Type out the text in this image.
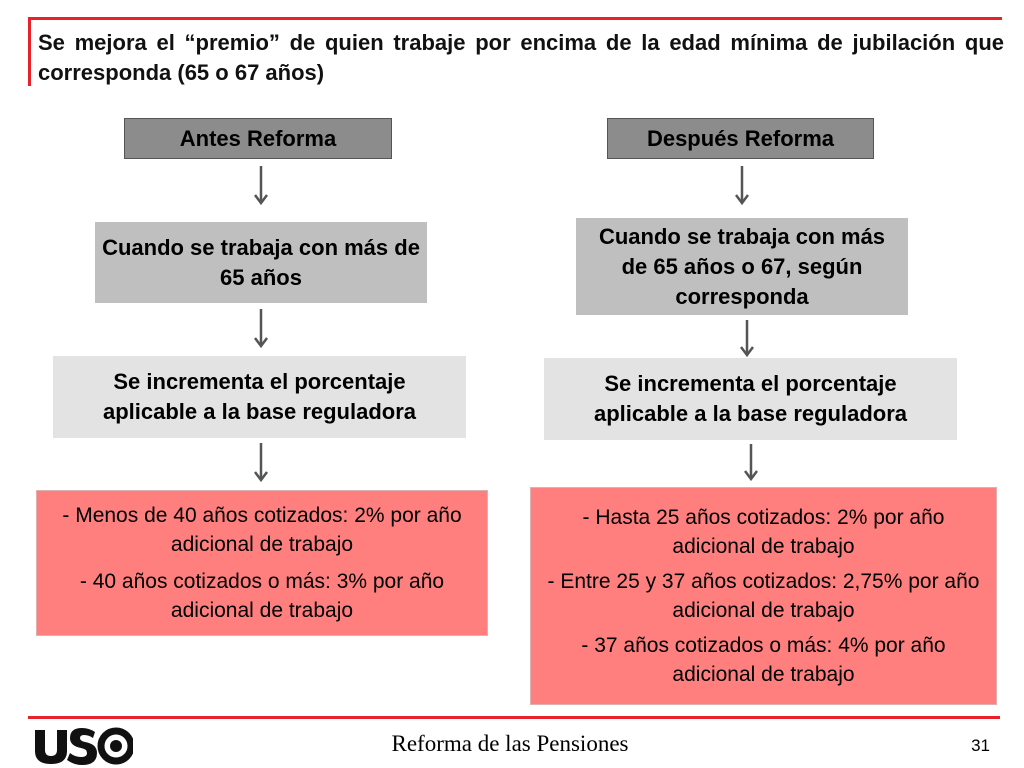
Se mejora el “premio” de quien trabaje por encima de la edad mínima de jubilación que corresponda (65 o 67 años)
Antes Reforma
Cuando se trabaja con más de 65 años
Se incrementa el porcentaje aplicable a la base reguladora
- Menos de 40 años cotizados: 2% por año adicional de trabajo
- 40 años cotizados o más: 3% por año adicional de trabajo
Después Reforma
Cuando se trabaja con más de 65 años o 67, según corresponda
Se incrementa el porcentaje aplicable a la base reguladora
- Hasta 25 años cotizados: 2% por año adicional de trabajo
- Entre 25 y 37 años cotizados: 2,75% por año adicional de trabajo
- 37 años cotizados o más: 4% por año adicional de trabajo
Reforma de las Pensiones	31
